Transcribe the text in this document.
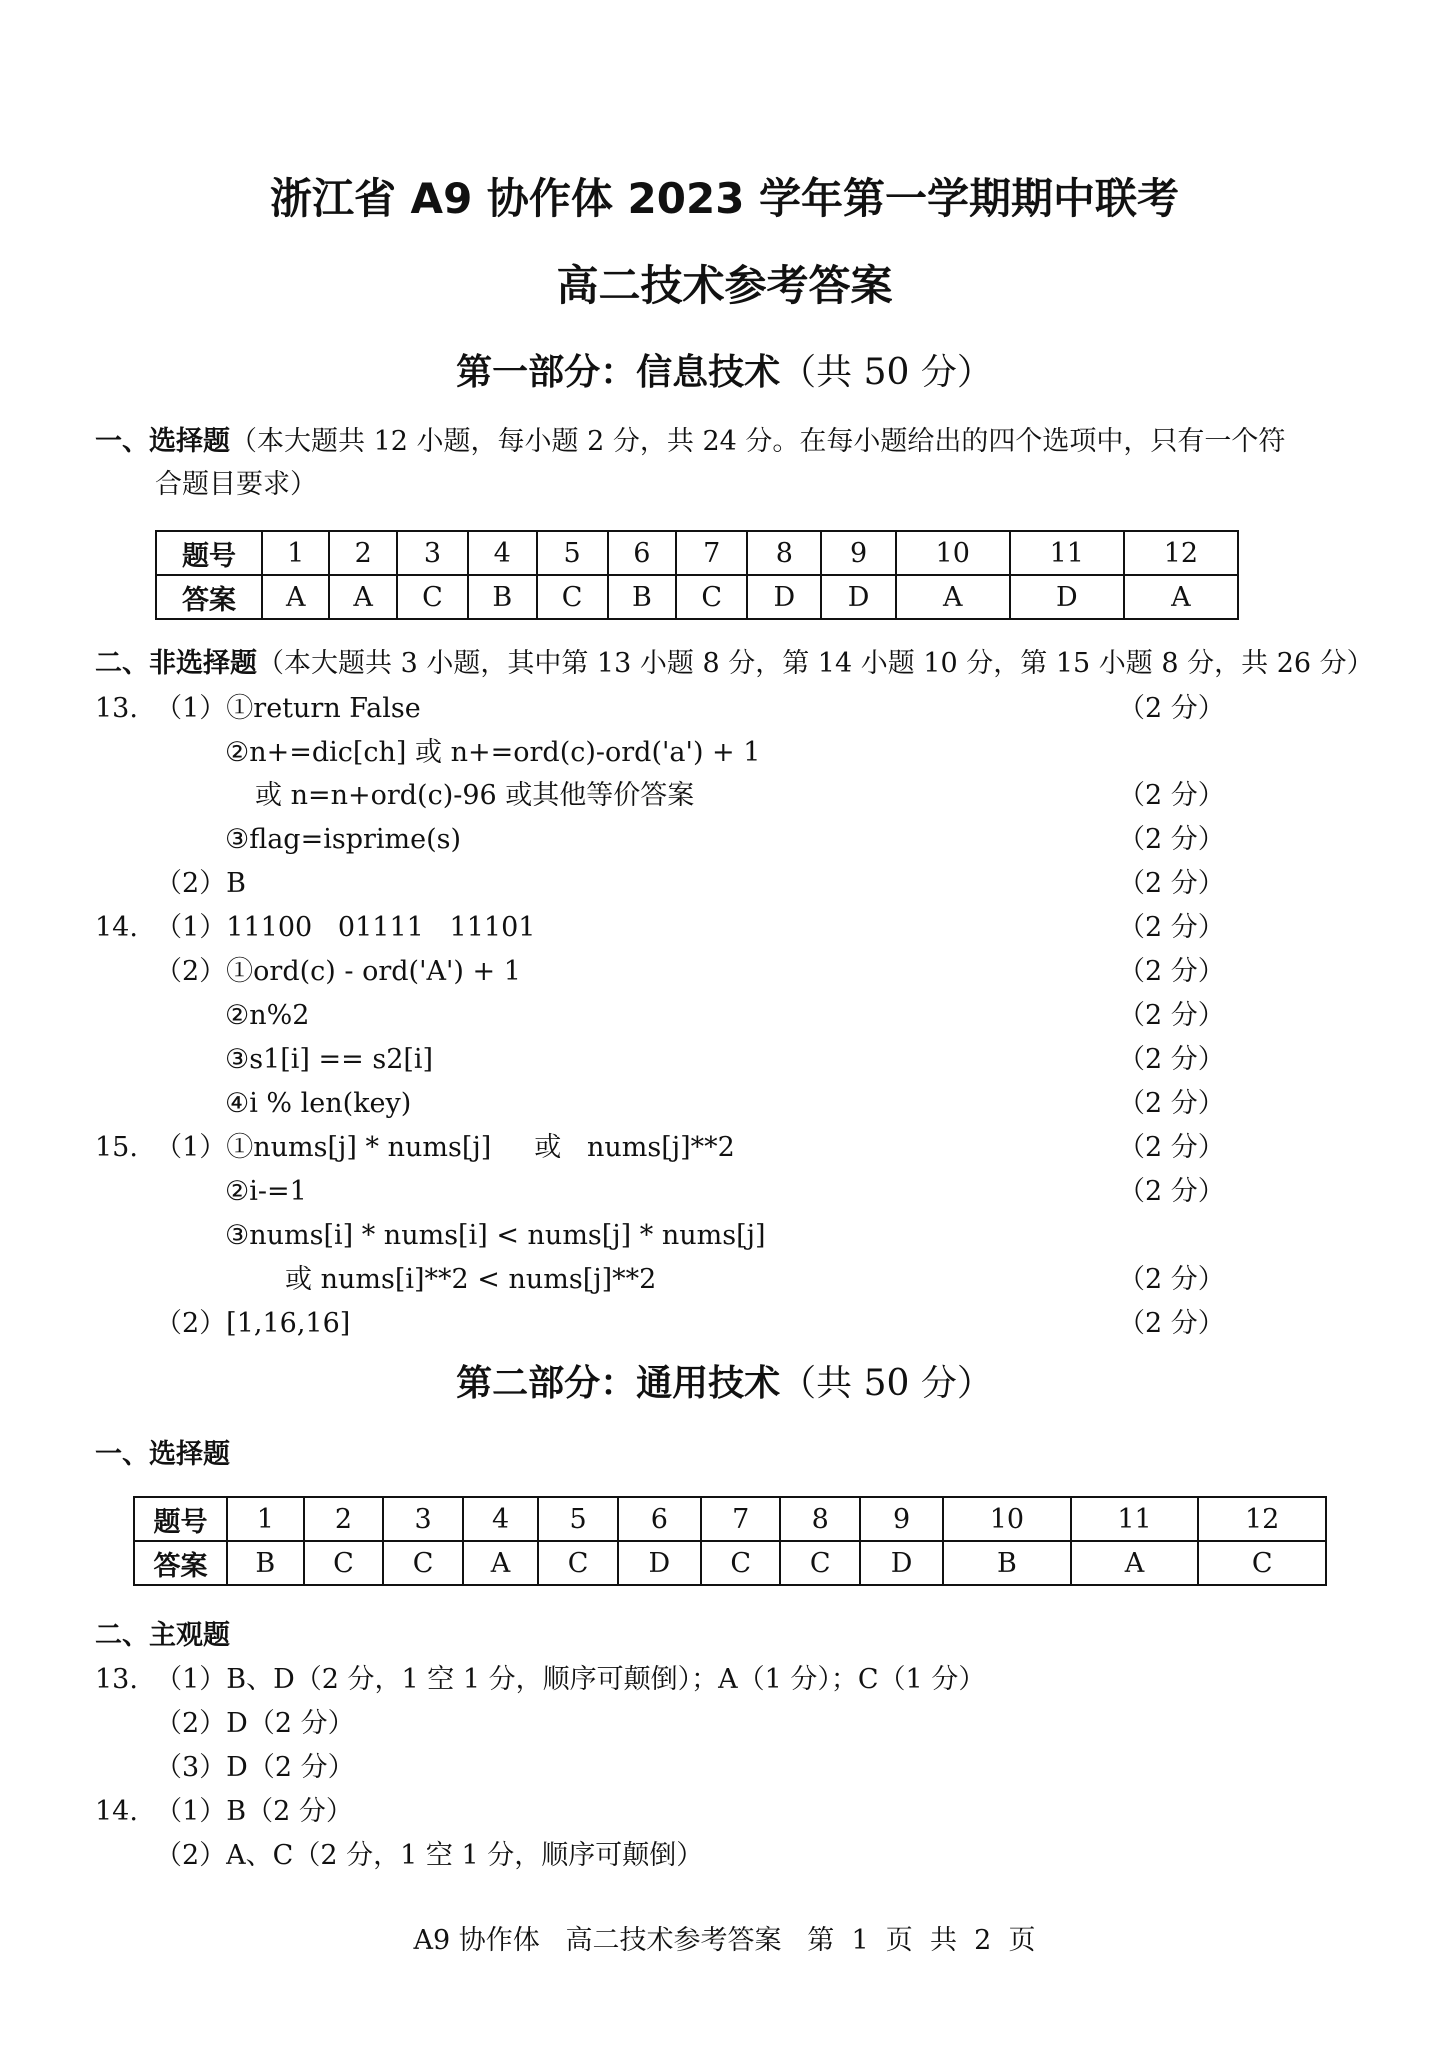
浙江省 A9 协作体 2023 学年第一学期期中联考
高二技术参考答案
第一部分：信息技术（共 50 分）
一、选择题（本大题共 12 小题，每小题 2 分，共 24 分。在每小题给出的四个选项中，只有一个符
合题目要求）
题号	1	2	3	4	5	6	7	8	9	10	11	12
答案	A	A	C	B	C	B	C	D	D	A	D	A
二、非选择题（本大题共 3 小题，其中第 13 小题 8 分，第 14 小题 10 分，第 15 小题 8 分，共 26 分）
13.  （1）①return False	（2 分）
②n+=dic[ch] 或 n+=ord(c)-ord('a') + 1
或 n=n+ord(c)-96 或其他等价答案	（2 分）
③flag=isprime(s)	（2 分）
（2）B	（2 分）
14.  （1）11100   01111   11101	（2 分）
（2）①ord(c) - ord('A') + 1	（2 分）
②n%2	（2 分）
③s1[i] == s2[i]	（2 分）
④i % len(key)	（2 分）
15.  （1）①nums[j] * nums[j]     或   nums[j]**2	（2 分）
②i-=1	（2 分）
③nums[i] * nums[i] < nums[j] * nums[j]
或 nums[i]**2 < nums[j]**2	（2 分）
（2）[1,16,16]	（2 分）
第二部分：通用技术（共 50 分）
一、选择题
题号	1	2	3	4	5	6	7	8	9	10	11	12
答案	B	C	C	A	C	D	C	C	D	B	A	C
二、主观题
13.  （1）B、D（2 分，1 空 1 分，顺序可颠倒）；A（1 分）；C（1 分）
（2）D（2 分）
（3）D（2 分）
14.  （1）B（2 分）
（2）A、C（2 分，1 空 1 分，顺序可颠倒）
A9 协作体   高二技术参考答案   第  1  页  共  2  页
